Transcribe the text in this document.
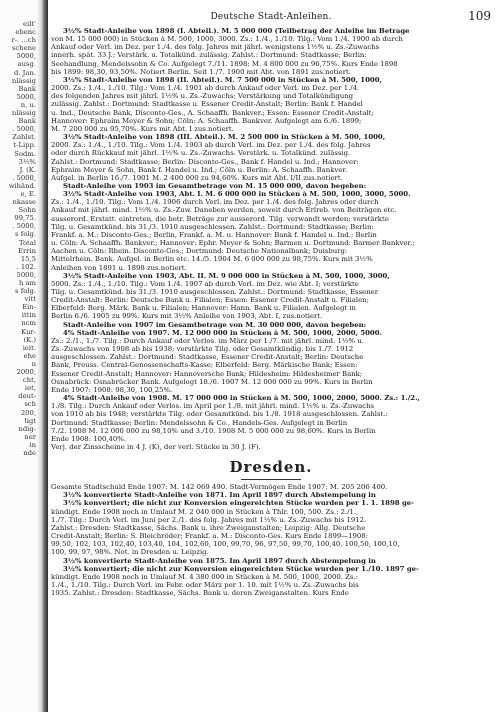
eilt'
ebenc
r-. ...ch
schene
5000,
ausg.
d. Jan.
nlässig
Bank
5000,
n, u.
nlässig
Bank
. 5000,
Zahlst.
t-Lipp.
Sodm.
3½%
J. (K.
. 5000,
wihänd.
e, E.
nkasse
Sohn
99,75.
. 5000,
s folg.
Total
Errin
15,5
. 102.
5000,
h am
s folg.
vitt
Ein-
ittin
ncm
Kur-
(K.)
ieit.
ehe
n
2000,
cht,
iet,
deut-
sch
200,
ligt
ndig-
ner
in
nde
Deutsche Stadt-Anleihen.	109
3½% Stadt-Anleihe von 1898 (I. Abteil.). M. 5 000 000 (Teilbetrag der Anleihe im Betrage
von M. 15 000 000) in Stücken à M. 500, 1000, 3000. Zs.: 1./4., 1./10. Tilg.: Vom 1./4. 1900 ab durch
Ankauf oder Verl. im Dez. per 1./4. des folg. Jahres mit jährl. wenigstens 1½% u. Zs.-Zuwachs
innerh. spät. 33 J.; Verstärk. u. Totalkünd. zulässig. Zahlst.: Dortmund: Stadtkasse; Berlin:
Seehandlung, Mendelssohn & Co. Aufgelegt 7./11. 1898; M. 4 800 000 zu 96,75%. Kurs Ende 1898
bis 1899: 98,30, 93,50%. Notiert Berlin. Seit 1./7. 1900 mit Abt. von 1891 zus.notiert.
3½% Stadt-Anleihe von 1898 (II. Abteil.). M. 7 500 000 in Stücken à M. 500, 1000,
2000. Zs.: 1./4., 1./10. Tilg.: Vom 1./4. 1901 ab durch Ankauf oder Verl. im Dez. per 1./4.
des folgenden Jahres mit jährl. 1½% u. Zs.-Zuwachs; Verstärkung und Totalkündigung
zulässig. Zahlst.: Dortmund: Stadtkasse u. Essener Credit-Anstalt; Berlin: Bank f. Handel
u. Ind., Deutsche Bank, Disconto-Ges., A. Schaaffh. Bankver.; Essen: Essener Credit-Anstalt;
Hannover: Ephraim Meyer & Sohn; Cöln: A. Schaaffh. Bankver. Aufgelegt am 6./6. 1899;
M. 7 200 000 zu 95,70%. Kurs mit Abt. I zus.notiert.
3½% Stadt-Anleihe von 1898 (III. Abteil.). M. 2 500 000 in Stücken à M. 500, 1000,
2000. Zs.: 1./4., 1./10. Tilg.: Vom 1./4. 1903 ab durch Verl. im Dez. per 1./4. des folg. Jahres
oder durch Rückkauf mit jährl. 1½% u. Zs.-Zuwachs. Verstärk. u. Totalkünd. zulässig.
Zahlst.: Dortmund: Stadtkasse; Berlin: Disconto-Ges., Bank f. Handel u. Ind.; Hannover:
Ephraim Meyer & Sohn, Bank f. Handel u. Ind.; Cöln u. Berlin: A. Schaaffh. Bankver.
Aufgel. in Berlin 16./7. 1901 M. 2 400 000 zu 94,60%. Kurs mit Abt. I/II zus.notiert.
Stadt-Anleihe von 1903 im Gesamtbetrage von M. 15 000 000, davon begeben:
3½% Stadt-Anleihe von 1903, Abt. I. M. 6 000 000 in Stücken à M. 500, 1000, 3000, 5000.
Zs.: 1./4., 1./10. Tilg.: Vom 1./4. 1906 durch Verl. im Dez. per 1./4. des folg. Jahres oder durch
Ankauf mit jährl. mind. 1½% u. Zs.-Zuw. Daneben werden, soweit durch Erlreb. von Beiträgen etc.
ausserord. Erstatt. eintreten, die betr. Beträge zur ausserord. Tilg. verwandt werden; verstärkte
Tilg. u. Gesamtkünd. bis 31./3. 1910 ausgeschlossen. Zahlst.: Dortmund: Stadtkasse; Berlin:
Frankf. a. M.: Disconto-Ges.; Berlin, Frankf. a. M. u. Hannover: Bank f. Handel u. Ind.; Berlin
u. Cöln: A. Schaaffh. Bankver.; Hannover: Ephr. Meyer & Sohn; Barmen u. Dortmund: Barmer Bankver.;
Aachen u. Cöln: Rhein. Disconto-Ges.; Dortmund: Deutsche Nationalbank; Duisburg:
Mittelrhein. Bank. Aufgel. in Berlin etc. 14./5. 1904 M. 6 000 000 zu 98,75%. Kurs mit 3½%
Anleihen von 1891 u. 1898 zus.notiert.
3½% Stadt-Anleihe von 1903, Abt. II. M. 9 000 000 in Stücken à M. 500, 1000, 3000,
5000. Zs.: 1./4., 1./10. Tilg.: Vom 1./4. 1907 ab durch Verl. im Dez. wie Abt. I; verstärkte
Tilg. u. Gesamtkünd. bis 31./3. 1910 ausgeschlossen. Zahlst.: Dortmund: Stadtkasse, Essener
Credit-Anstalt; Berlin: Deutsche Bank u. Filialen; Essen: Essener Credit-Anstalt u. Filialen;
Elberfeld: Berg. Märk. Bank u. Filialen; Hannover: Hann. Bank u. Filialen. Aufgelegt in
Berlin 6./6. 1905 zu 99%. Kurs mit 3½% Anleihe von 1903, Abt. I, zus.notiert.
Stadt-Anleihe von 1907 im Gesamtbetrage von M. 30 000 000, davon begeben:
4% Stadt-Anleihe von 1907. M. 12 000 000 in Stücken à M. 500, 1000, 2000, 5000.
Zs.: 2./1., 1./7. Tilg.: Durch Ankauf oder Verlos. im März per 1./7. mit jährl. mind. 1½% u.
Zs.-Zuwachs von 1908 ab bis 1938; verstärkte Tilg. oder Gesamtkündig. bis 1./7. 1912
ausgeschlossen. Zahlst.: Dortmund: Stadtkasse, Essener Credit-Anstalt; Berlin: Deutsche
Bank, Preuss. Central-Genossenschafts-Kasse; Elberfeld: Berg. Märkische Bank; Essen:
Essener Credit-Anstalt; Hannover: Hannoversche Bank; Hildesheim: Hildesheimer Bank;
Osnabrück: Osnabrücker Bank. Aufgelegt 18./6. 1907 M. 12 000 000 zu 99%. Kurs in Berlin
Ende 1907: 1908: 98,30, 100,25%.
4% Stadt-Anleihe von 1908. M. 17 000 000 in Stücken à M. 500, 1000, 2000, 5000. Zs.: 1./2.,
1./8. Tilg.: Durch Ankauf oder Verlos. im April per 1./8. mit jährl. mind. 1½% u. Zs.-Zuwachs
von 1910 ab bis 1948; verstärkte Tilg. oder Gesamtkünd. bis 1./8. 1918 ausgeschlossen. Zahlst.:
Dortmund: Stadtkasse; Berlin: Mendelssohn & Co., Handels-Ges. Aufgelegt in Berlin
7./2. 1908 M. 12 000 000 zu 98,10% und 3./10. 1908 M. 5 000 000 zu 98,60%. Kurs in Berlin
Ende 1908: 100,40%.
Verj. der Zinsscheine in 4 J. (K), der verl. Stücke in 30 J. (F).
Dresden.
Gesamte Stadtschuld Ende 1907: M. 142 069 490. Stadt-Vermögen Ende 1907: M. 205 206 400.
3½% konvertierte Stadt-Anleihe von 1871. Im April 1897 durch Abstempelung in
3½% konvertiert; die nicht zur Konversion eingereichten Stücke wurden per 1. 1. 1898 ge-
kündigt. Ende 1908 noch in Umlauf M. 2 040 000 in Stücken à Thlr. 100, 500. Zs.: 2./1.,
1./7. Tilg.: Durch Verl. im Juni per 2./1. des folg. Jahres mit 1½% u. Zs.-Zuwachs bis 1912.
Zahlst.: Dresden: Stadtkasse, Sächs. Bank u. ihre Zweiganstalten; Leipzig: Allg. Deutsche
Credit-Anstalt; Berlin: S. Bleichröder; Frankf. a. M.: Disconto-Ges. Kurs Ende 1899—1908:
99,50, 102, 103, 102,40, 103,40, 104, 102,60, 100, 99,70, 96, 97,50, 99,70, 100,40, 100,50, 100,10,
100, 99, 97, 98%. Not. in Dresden u. Leipzig.
3½% konvertierte Stadt-Anleihe von 1875. Im April 1897 durch Abstempelung in
3½% konvertiert; die nicht zur Konversion eingereichten Stücke wurden per 1./10. 1897 ge-
kündigt. Ende 1908 noch in Umlauf M. 4 380 000 in Stücken à M. 500, 1000, 2000. Zs.:
1./4., 1./10. Tilg.: Durch Verl. im Febr. oder März per 1. 10. mit 1½% u. Zs.-Zuwachs bis
1935. Zahlst.: Dresden: Stadtkasse, Sächs. Bank u. deren Zweiganstalten. Kurs Ende
